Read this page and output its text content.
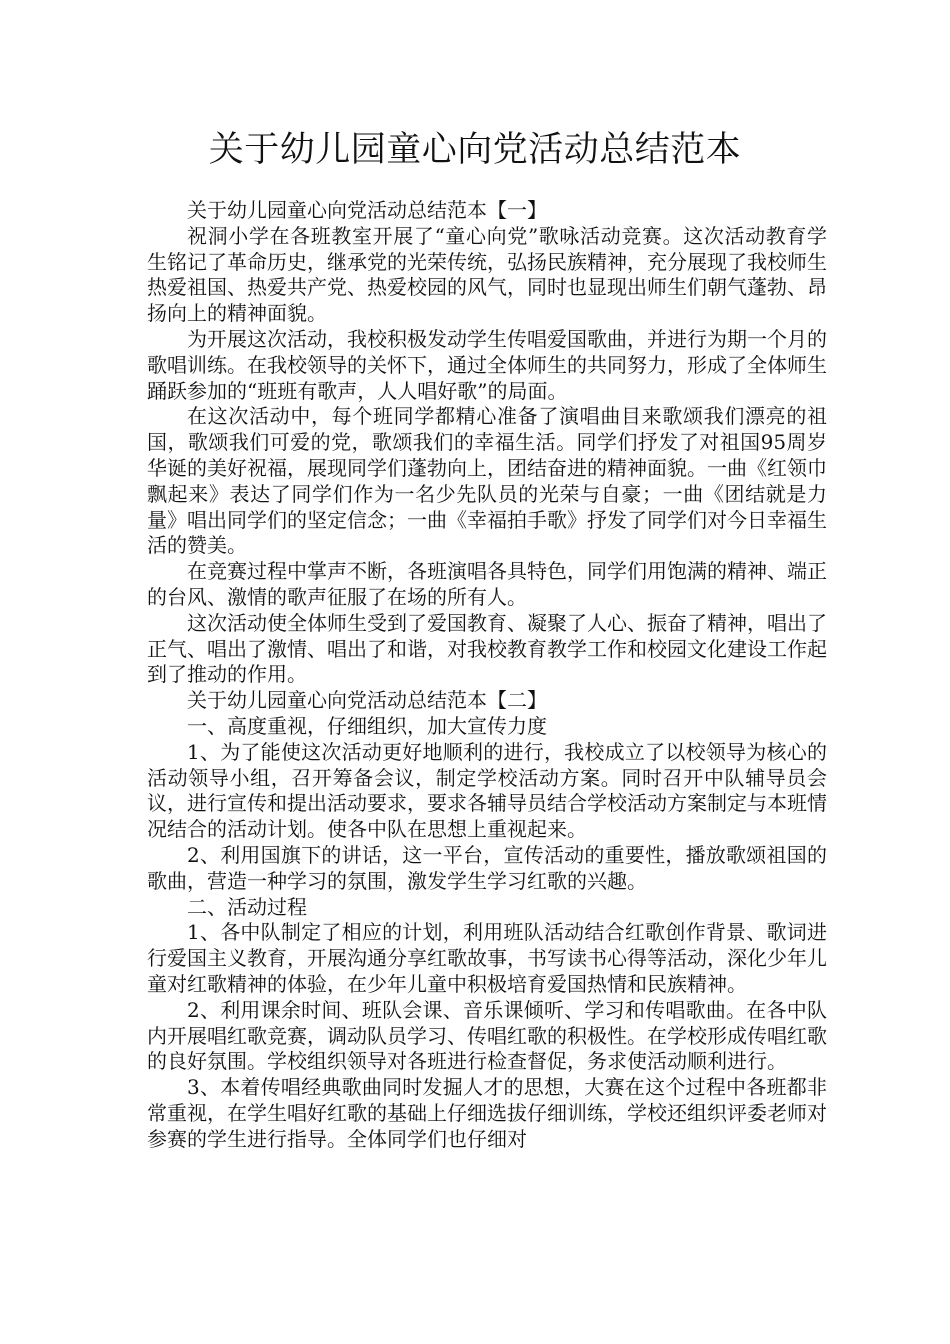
关于幼儿园童心向党活动总结范本

关于幼儿园童心向党活动总结范本【一】

祝洞小学在各班教室开展了“童心向党”歌咏活动竞赛。这次活动教育学生铭记了革命历史，继承党的光荣传统，弘扬民族精神，充分展现了我校师生热爱祖国、热爱共产党、热爱校园的风气，同时也显现出师生们朝气蓬勃、昂扬向上的精神面貌。

为开展这次活动，我校积极发动学生传唱爱国歌曲，并进行为期一个月的歌唱训练。在我校领导的关怀下，通过全体师生的共同努力，形成了全体师生踊跃参加的“班班有歌声，人人唱好歌”的局面。

在这次活动中，每个班同学都精心准备了演唱曲目来歌颂我们漂亮的祖国，歌颂我们可爱的党，歌颂我们的幸福生活。同学们抒发了对祖国95周岁华诞的美好祝福，展现同学们蓬勃向上，团结奋进的精神面貌。一曲《红领巾飘起来》表达了同学们作为一名少先队员的光荣与自豪；一曲《团结就是力量》唱出同学们的坚定信念；一曲《幸福拍手歌》抒发了同学们对今日幸福生活的赞美。

在竞赛过程中掌声不断，各班演唱各具特色，同学们用饱满的精神、端正的台风、激情的歌声征服了在场的所有人。

这次活动使全体师生受到了爱国教育、凝聚了人心、振奋了精神，唱出了正气、唱出了激情、唱出了和谐，对我校教育教学工作和校园文化建设工作起到了推动的作用。

关于幼儿园童心向党活动总结范本【二】

一、高度重视，仔细组织，加大宣传力度

1、为了能使这次活动更好地顺利的进行，我校成立了以校领导为核心的活动领导小组，召开筹备会议，制定学校活动方案。同时召开中队辅导员会议，进行宣传和提出活动要求，要求各辅导员结合学校活动方案制定与本班情况结合的活动计划。使各中队在思想上重视起来。

2、利用国旗下的讲话，这一平台，宣传活动的重要性，播放歌颂祖国的歌曲，营造一种学习的氛围，激发学生学习红歌的兴趣。

二、活动过程

1、各中队制定了相应的计划，利用班队活动结合红歌创作背景、歌词进行爱国主义教育，开展沟通分享红歌故事，书写读书心得等活动，深化少年儿童对红歌精神的体验，在少年儿童中积极培育爱国热情和民族精神。

2、利用课余时间、班队会课、音乐课倾听、学习和传唱歌曲。在各中队内开展唱红歌竞赛，调动队员学习、传唱红歌的积极性。在学校形成传唱红歌的良好氛围。学校组织领导对各班进行检查督促，务求使活动顺利进行。

3、本着传唱经典歌曲同时发掘人才的思想，大赛在这个过程中各班都非常重视，在学生唱好红歌的基础上仔细选拔仔细训练，学校还组织评委老师对参赛的学生进行指导。全体同学们也仔细对
